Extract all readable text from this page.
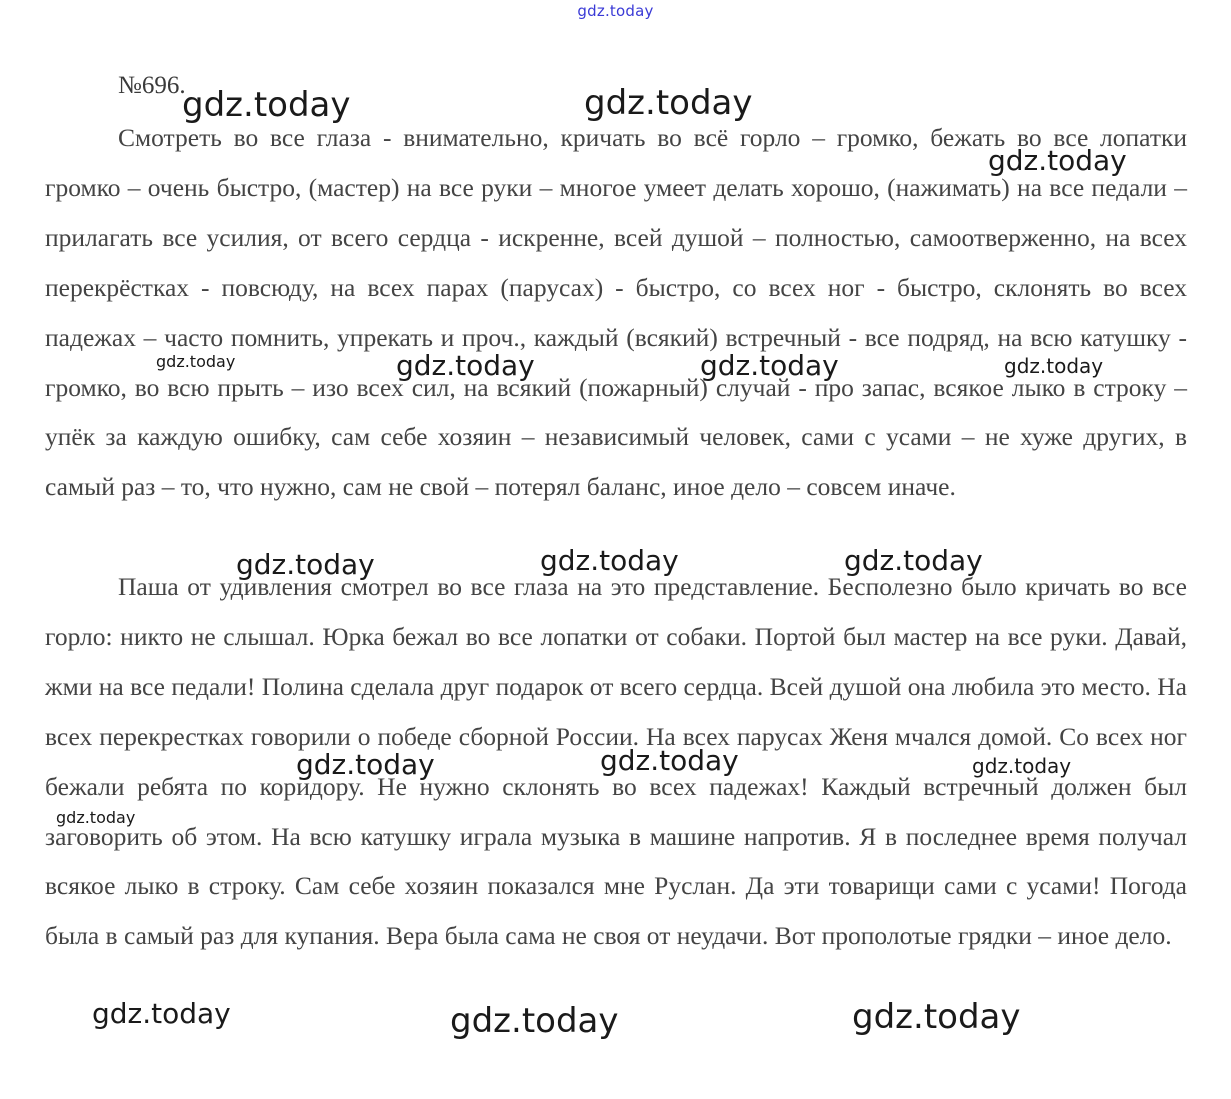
gdz.today
№696.

Смотреть во все глаза - внимательно, кричать во всё горло – громко, бежать во все лопатки громко – очень быстро, (мастер) на все руки – многое умеет делать хорошо, (нажимать) на все педали – прилагать все усилия, от всего сердца - искренне, всей душой – полностью, самоотверженно, на всех перекрёстках - повсюду, на всех парах (парусах) - быстро, со всех ног - быстро, склонять во всех падежах – часто помнить, упрекать и проч., каждый (всякий) встречный - все подряд, на всю катушку - громко, во всю прыть – изо всех сил, на всякий (пожарный) случай - про запас, всякое лыко в строку – упёк за каждую ошибку, сам себе хозяин – независимый человек, сами с усами – не хуже других, в самый раз – то, что нужно, сам не свой – потерял баланс, иное дело – совсем иначе.

Паша от удивления смотрел во все глаза на это представление. Бесполезно было кричать во все горло: никто не слышал. Юрка бежал во все лопатки от собаки. Портой был мастер на все руки. Давай, жми на все педали! Полина сделала друг подарок от всего сердца. Всей душой она любила это место. На всех перекрестках говорили о победе сборной России. На всех парусах Женя мчался домой. Со всех ног бежали ребята по коридору. Не нужно склонять во всех падежах! Каждый встречный должен был заговорить об этом. На всю катушку играла музыка в машине напротив. Я в последнее время получал всякое лыко в строку. Сам себе хозяин показался мне Руслан. Да эти товарищи сами с усами! Погода была в самый раз для купания. Вера была сама не своя от неудачи. Вот прополотые грядки – иное дело.

gdz.today	gdz.today
gdz.today
gdz.today	gdz.today	gdz.today	gdz.today
gdz.today	gdz.today	gdz.today
gdz.today	gdz.today	gdz.today
gdz.today
gdz.today	gdz.today	gdz.today
